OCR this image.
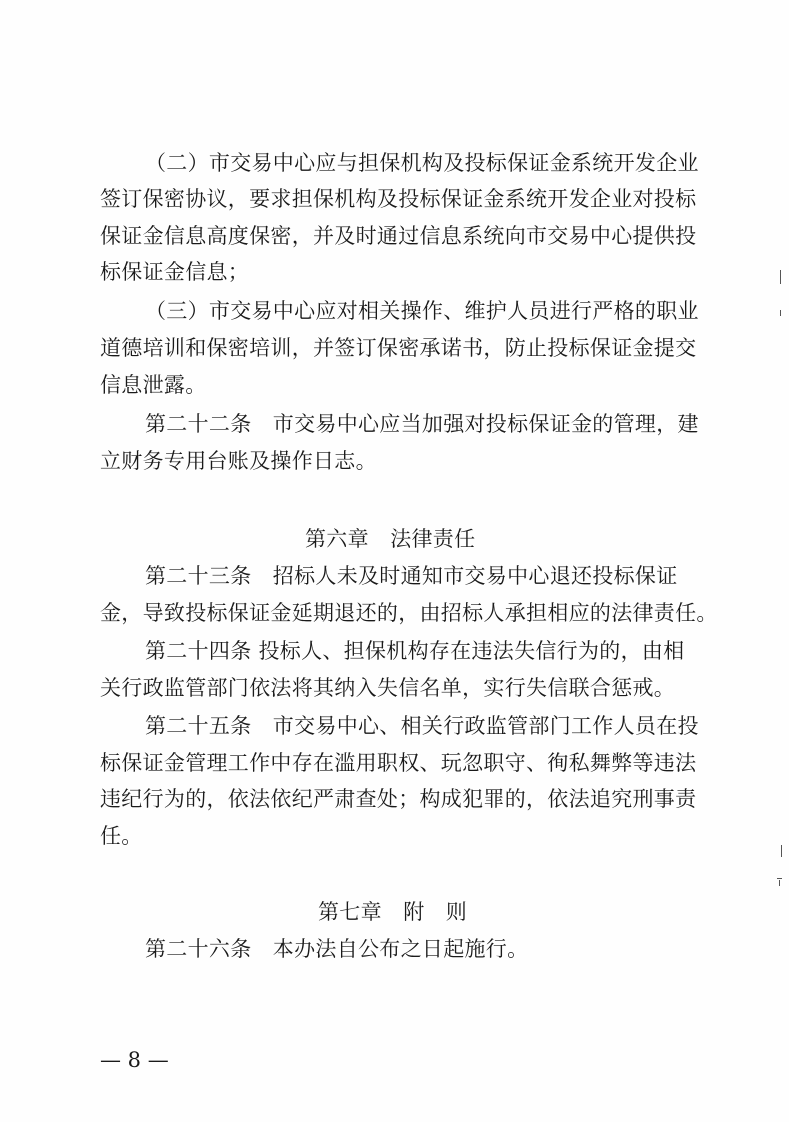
（二）市交易中心应与担保机构及投标保证金系统开发企业
签订保密协议，要求担保机构及投标保证金系统开发企业对投标
保证金信息高度保密，并及时通过信息系统向市交易中心提供投
标保证金信息；
（三）市交易中心应对相关操作、维护人员进行严格的职业
道德培训和保密培训，并签订保密承诺书，防止投标保证金提交
信息泄露。
第二十二条　市交易中心应当加强对投标保证金的管理，建
立财务专用台账及操作日志。
第六章　法律责任
第二十三条　招标人未及时通知市交易中心退还投标保证
金，导致投标保证金延期退还的，由招标人承担相应的法律责任。
第二十四条 投标人、担保机构存在违法失信行为的，由相
关行政监管部门依法将其纳入失信名单，实行失信联合惩戒。
第二十五条　市交易中心、相关行政监管部门工作人员在投
标保证金管理工作中存在滥用职权、玩忽职守、徇私舞弊等违法
违纪行为的，依法依纪严肃查处；构成犯罪的，依法追究刑事责
任。
第七章　附　则
第二十六条　本办法自公布之日起施行。
— 8 —
